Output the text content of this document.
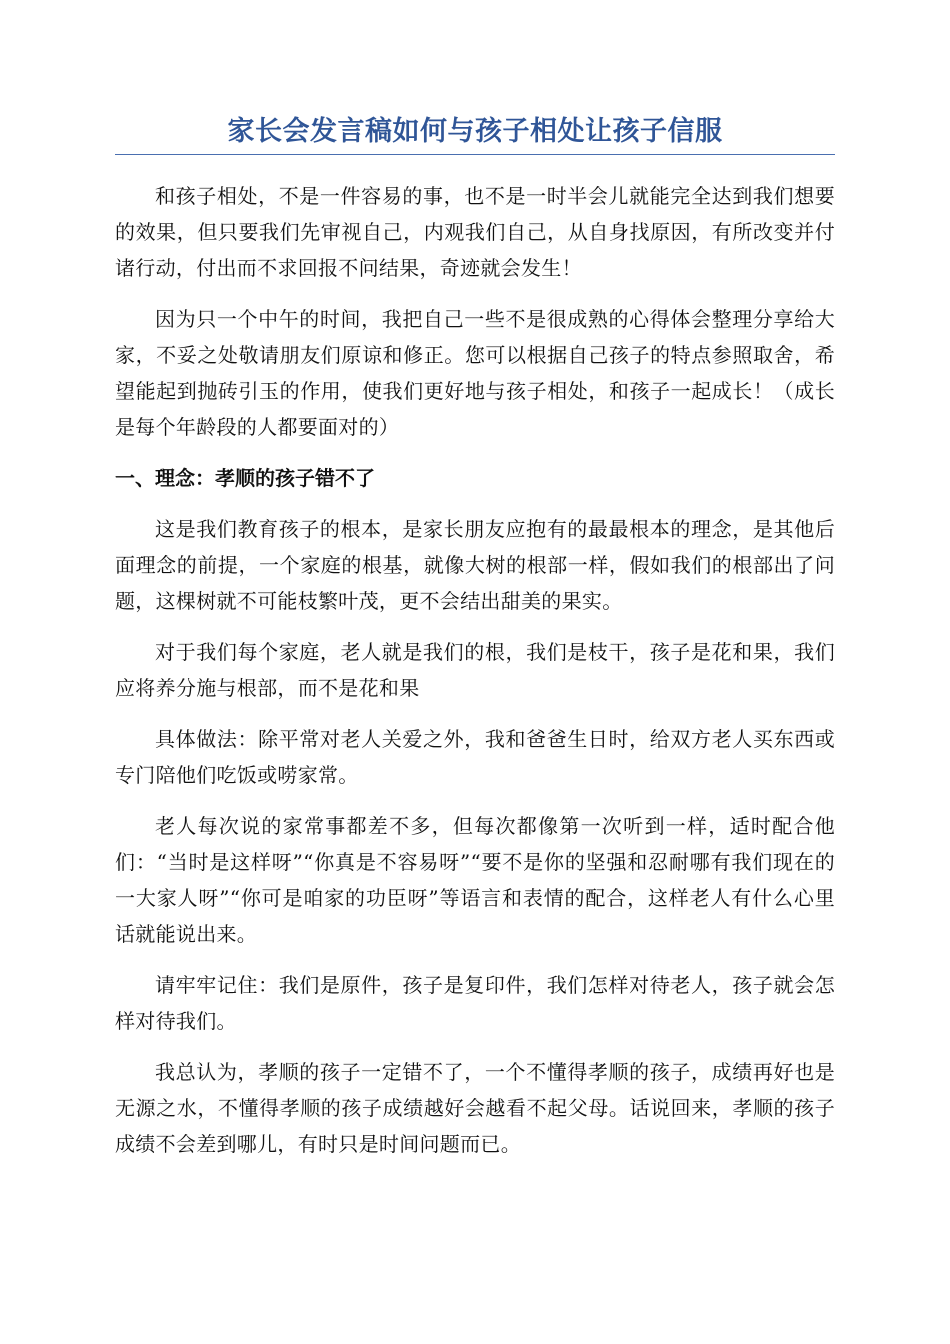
家长会发言稿如何与孩子相处让孩子信服

和孩子相处，不是一件容易的事，也不是一时半会儿就能完全达到我们想要的效果，但只要我们先审视自己，内观我们自己，从自身找原因，有所改变并付诸行动，付出而不求回报不问结果，奇迹就会发生！

因为只一个中午的时间，我把自己一些不是很成熟的心得体会整理分享给大家，不妥之处敬请朋友们原谅和修正。您可以根据自己孩子的特点参照取舍，希望能起到抛砖引玉的作用，使我们更好地与孩子相处，和孩子一起成长！（成长是每个年龄段的人都要面对的）

一、理念：孝顺的孩子错不了

这是我们教育孩子的根本，是家长朋友应抱有的最最根本的理念，是其他后面理念的前提，一个家庭的根基，就像大树的根部一样，假如我们的根部出了问题，这棵树就不可能枝繁叶茂，更不会结出甜美的果实。

对于我们每个家庭，老人就是我们的根，我们是枝干，孩子是花和果，我们应将养分施与根部，而不是花和果

具体做法：除平常对老人关爱之外，我和爸爸生日时，给双方老人买东西或专门陪他们吃饭或唠家常。

老人每次说的家常事都差不多，但每次都像第一次听到一样，适时配合他们：“当时是这样呀”“你真是不容易呀”“要不是你的坚强和忍耐哪有我们现在的一大家人呀”“你可是咱家的功臣呀”等语言和表情的配合，这样老人有什么心里话就能说出来。

请牢牢记住：我们是原件，孩子是复印件，我们怎样对待老人，孩子就会怎样对待我们。

我总认为，孝顺的孩子一定错不了，一个不懂得孝顺的孩子，成绩再好也是无源之水，不懂得孝顺的孩子成绩越好会越看不起父母。话说回来，孝顺的孩子成绩不会差到哪儿，有时只是时间问题而已。
